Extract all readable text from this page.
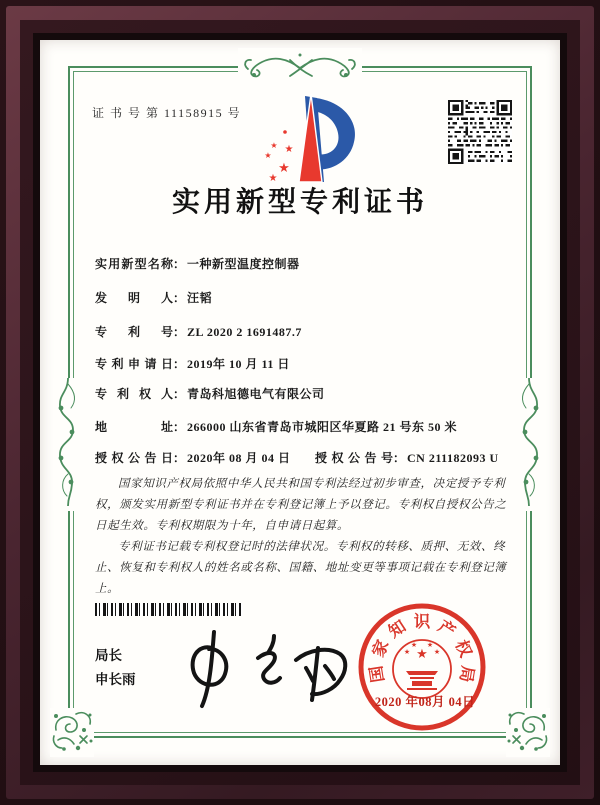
证 书 号 第 11158915 号
★ ★
★
★
★
实用新型专利证书
实用新型名称： 一种新型温度控制器
发明人： 汪韬
专利号： ZL 2020 2 1691487.7
专利申请日： 2019年 10 月 11 日
专利权人： 青岛科旭德电气有限公司
地址： 266000 山东省青岛市城阳区华夏路 21 号东 50 米
授权公告日： 2020年 08 月 04 日 授权公告号： CN 211182093 U

国家知识产权局依照中华人民共和国专利法经过初步审查，决定授予专利权，颁发实用新型专利证书并在专利登记簿上予以登记。专利权自授权公告之日起生效。专利权期限为十年，自申请日起算。

专利证书记载专利权登记时的法律状况。专利权的转移、质押、无效、终止、恢复和专利权人的姓名或名称、国籍、地址变更等事项记载在专利登记簿上。

局长
申长雨	国
家
知 识 产
权
局
★
★
★ ★
★
2020 年08月 04日
